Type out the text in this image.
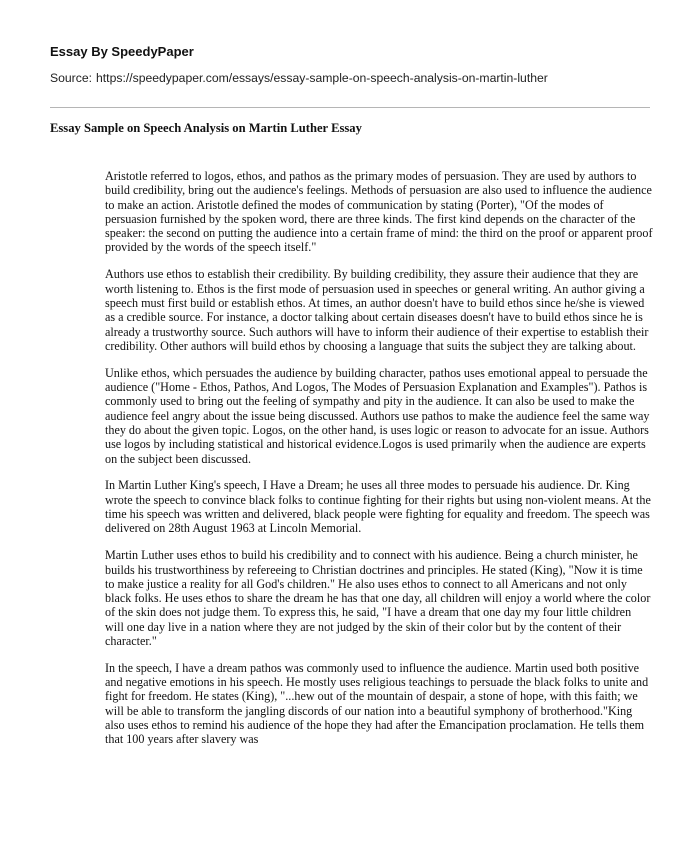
Essay By SpeedyPaper
Source: https://speedypaper.com/essays/essay-sample-on-speech-analysis-on-martin-luther
Essay Sample on Speech Analysis on Martin Luther Essay

Aristotle referred to logos, ethos, and pathos as the primary modes of persuasion. They are used by authors to build credibility, bring out the audience's feelings. Methods of persuasion are also used to influence the audience to make an action. Aristotle defined the modes of communication by stating (Porter), "Of the modes of persuasion furnished by the spoken word, there are three kinds. The first kind depends on the character of the speaker: the second on putting the audience into a certain frame of mind: the third on the proof or apparent proof provided by the words of the speech itself."

Authors use ethos to establish their credibility. By building credibility, they assure their audience that they are worth listening to. Ethos is the first mode of persuasion used in speeches or general writing. An author giving a speech must first build or establish ethos. At times, an author doesn't have to build ethos since he/she is viewed as a credible source. For instance, a doctor talking about certain diseases doesn't have to build ethos since he is already a trustworthy source. Such authors will have to inform their audience of their expertise to establish their credibility. Other authors will build ethos by choosing a language that suits the subject they are talking about.

Unlike ethos, which persuades the audience by building character, pathos uses emotional appeal to persuade the audience ("Home - Ethos, Pathos, And Logos, The Modes of Persuasion Explanation and Examples"). Pathos is commonly used to bring out the feeling of sympathy and pity in the audience. It can also be used to make the audience feel angry about the issue being discussed. Authors use pathos to make the audience feel the same way they do about the given topic. Logos, on the other hand, is uses logic or reason to advocate for an issue. Authors use logos by including statistical and historical evidence.Logos is used primarily when the audience are experts on the subject been discussed.

In Martin Luther King's speech, I Have a Dream; he uses all three modes to persuade his audience. Dr. King wrote the speech to convince black folks to continue fighting for their rights but using non-violent means. At the time his speech was written and delivered, black people were fighting for equality and freedom. The speech was delivered on 28th August 1963 at Lincoln Memorial.

Martin Luther uses ethos to build his credibility and to connect with his audience. Being a church minister, he builds his trustworthiness by refereeing to Christian doctrines and principles. He stated (King), "Now it is time to make justice a reality for all God's children." He also uses ethos to connect to all Americans and not only black folks. He uses ethos to share the dream he has that one day, all children will enjoy a world where the color of the skin does not judge them. To express this, he said, "I have a dream that one day my four little children will one day live in a nation where they are not judged by the skin of their color but by the content of their character."

In the speech, I have a dream pathos was commonly used to influence the audience. Martin used both positive and negative emotions in his speech. He mostly uses religious teachings to persuade the black folks to unite and fight for freedom. He states (King), "...hew out of the mountain of despair, a stone of hope, with this faith; we will be able to transform the jangling discords of our nation into a beautiful symphony of brotherhood."King also uses ethos to remind his audience of the hope they had after the Emancipation proclamation. He tells them that 100 years after slavery was
